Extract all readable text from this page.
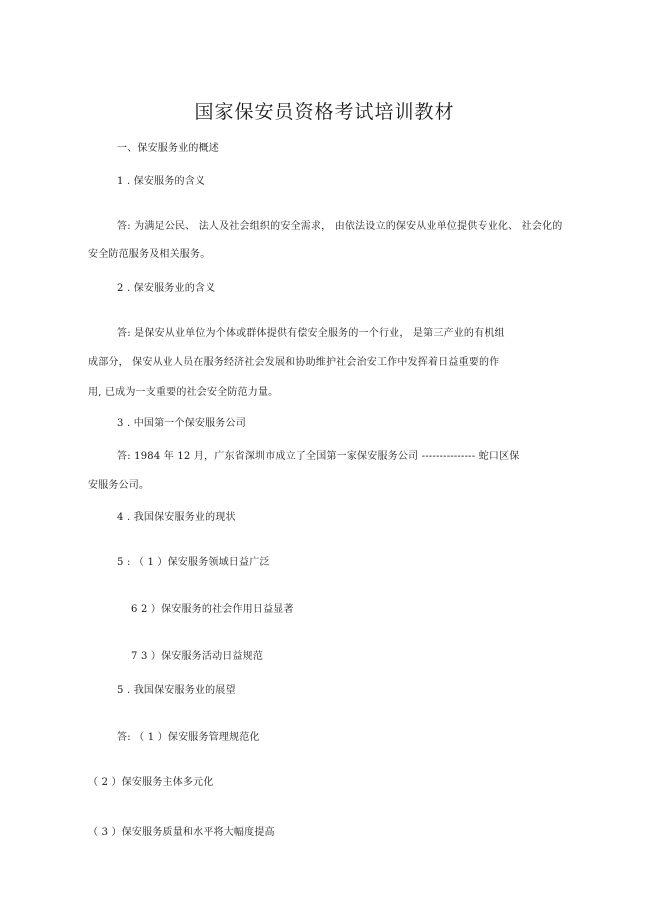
国家保安员资格考试培训教材
一、保安服务业的概述
1 . 保安服务的含义
答: 为满足公民、 法人及社会组织的安全需求， 由依法设立的保安从业单位提供专业化、 社会化的
安全防范服务及相关服务。
2 . 保安服务业的含义
答: 是保安从业单位为个体或群体提供有偿安全服务的一个行业， 是第三产业的有机组
成部分， 保安从业人员在服务经济社会发展和协助维护社会治安工作中发挥着日益重要的作
用, 已成为一支重要的社会安全防范力量。
3 . 中国第一个保安服务公司
答: 1984 年 12 月，广东省深圳市成立了全国第一家保安服务公司 --------------- 蛇口区保
安服务公司。
4 . 我国保安服务业的现状
5 : （ 1 ）保安服务领域日益广泛
6 2 ）保安服务的社会作用日益显著
7 3 ）保安服务活动日益规范
5 . 我国保安服务业的展望
答: （ 1 ）保安服务管理规范化
（ 2 ）保安服务主体多元化
（ 3 ）保安服务质量和水平将大幅度提高
